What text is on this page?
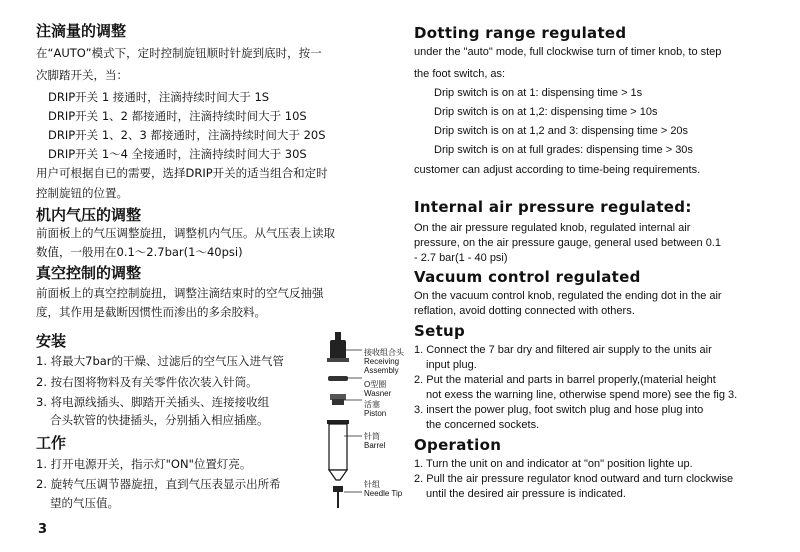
注滴量的调整
在“AUTO”模式下，定时控制旋钮顺时针旋到底时，按一
次脚踏开关，当：
DRIP开关 1 接通时，注滴持续时间大于 1S
DRIP开关 1、2 都接通时，注滴持续时间大于 10S
DRIP开关 1、2、3 都接通时，注滴持续时间大于 20S
DRIP开关 1～4 全接通时，注滴持续时间大于 30S
用户可根据自已的需要，选择DRIP开关的适当组合和定时
控制旋钮的位置。
机内气压的调整
前面板上的气压调整旋扭，调整机内气压。从气压表上读取
数值，一般用在0.1～2.7bar(1～40psi)
真空控制的调整
前面板上的真空控制旋扭，调整注滴结束时的空气反抽强
度，其作用是截断因惯性而渗出的多余胶料。
安装
1. 将最大7bar的干燥、过滤后的空气压入进气管
2. 按右图将物料及有关零件依次装入针筒。
3. 将电源线插头、脚踏开关插头、连接接收组
合头软管的快捷插头，分别插入相应插座。
工作
1. 打开电源开关，指示灯"ON"位置灯亮。
2. 旋转气压调节器旋扭，直到气压表显示出所希
望的气压值。
接收组合头
Receiving
Assembly
O型圈
Wasner
活塞
Piston
针筒
Barrel
针组
Needle Tip
Dotting range regulated
under the "auto" mode, full clockwise turn of timer knob, to step
the foot switch, as:
Drip switch is on at 1: dispensing time > 1s
Drip switch is on at 1,2: dispensing time > 10s
Drip switch is on at 1,2 and 3: dispensing time > 20s
Drip switch is on at full grades: dispensing time > 30s
customer can adjust according to time-being requirements.
Internal air pressure regulated:
On the air pressure regulated knob, regulated internal air
pressure, on the air pressure gauge, general used between 0.1
- 2.7 bar(1 - 40 psi)
Vacuum control regulated
On the vacuum control knob, regulated the ending dot in the air
reflation, avoid dotting connected with others.
Setup
1. Connect the 7 bar dry and filtered air supply to the units air
input plug.
2. Put the material and parts in barrel properly,(material height
not exess the warning line, otherwise spend more) see the fig 3.
3. insert the power plug, foot switch plug and hose plug into
the concerned sockets.
Operation
1. Turn the unit on and indicator at "on" position lighte up.
2. Pull the air pressure regulator knod outward and turn clockwise
until the desired air pressure is indicated.
3
